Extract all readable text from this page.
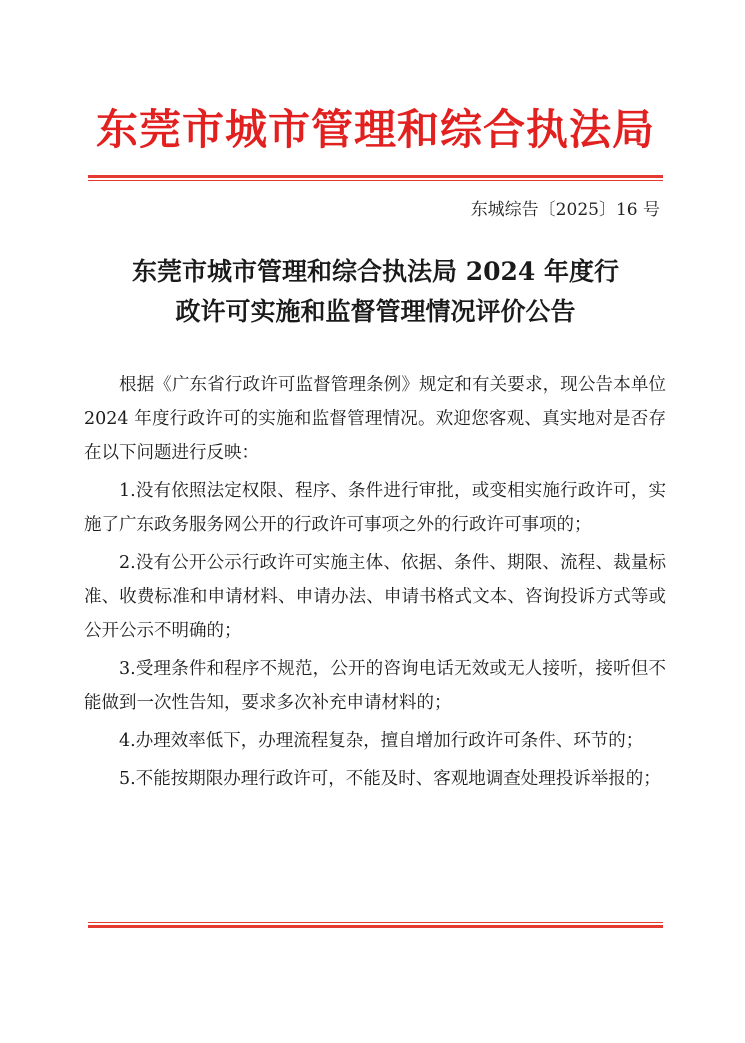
东莞市城市管理和综合执法局
东城综告〔2025〕16 号
东莞市城市管理和综合执法局 2024 年度行
政许可实施和监督管理情况评价公告

根据《广东省行政许可监督管理条例》规定和有关要求，现公告本单位 2024 年度行政许可的实施和监督管理情况。欢迎您客观、真实地对是否存在以下问题进行反映：

1.没有依照法定权限、程序、条件进行审批，或变相实施行政许可，实施了广东政务服务网公开的行政许可事项之外的行政许可事项的；

2.没有公开公示行政许可实施主体、依据、条件、期限、流程、裁量标准、收费标准和申请材料、申请办法、申请书格式文本、咨询投诉方式等或公开公示不明确的；

3.受理条件和程序不规范，公开的咨询电话无效或无人接听，接听但不能做到一次性告知，要求多次补充申请材料的；

4.办理效率低下，办理流程复杂，擅自增加行政许可条件、环节的；

5.不能按期限办理行政许可，不能及时、客观地调查处理投诉举报的；
